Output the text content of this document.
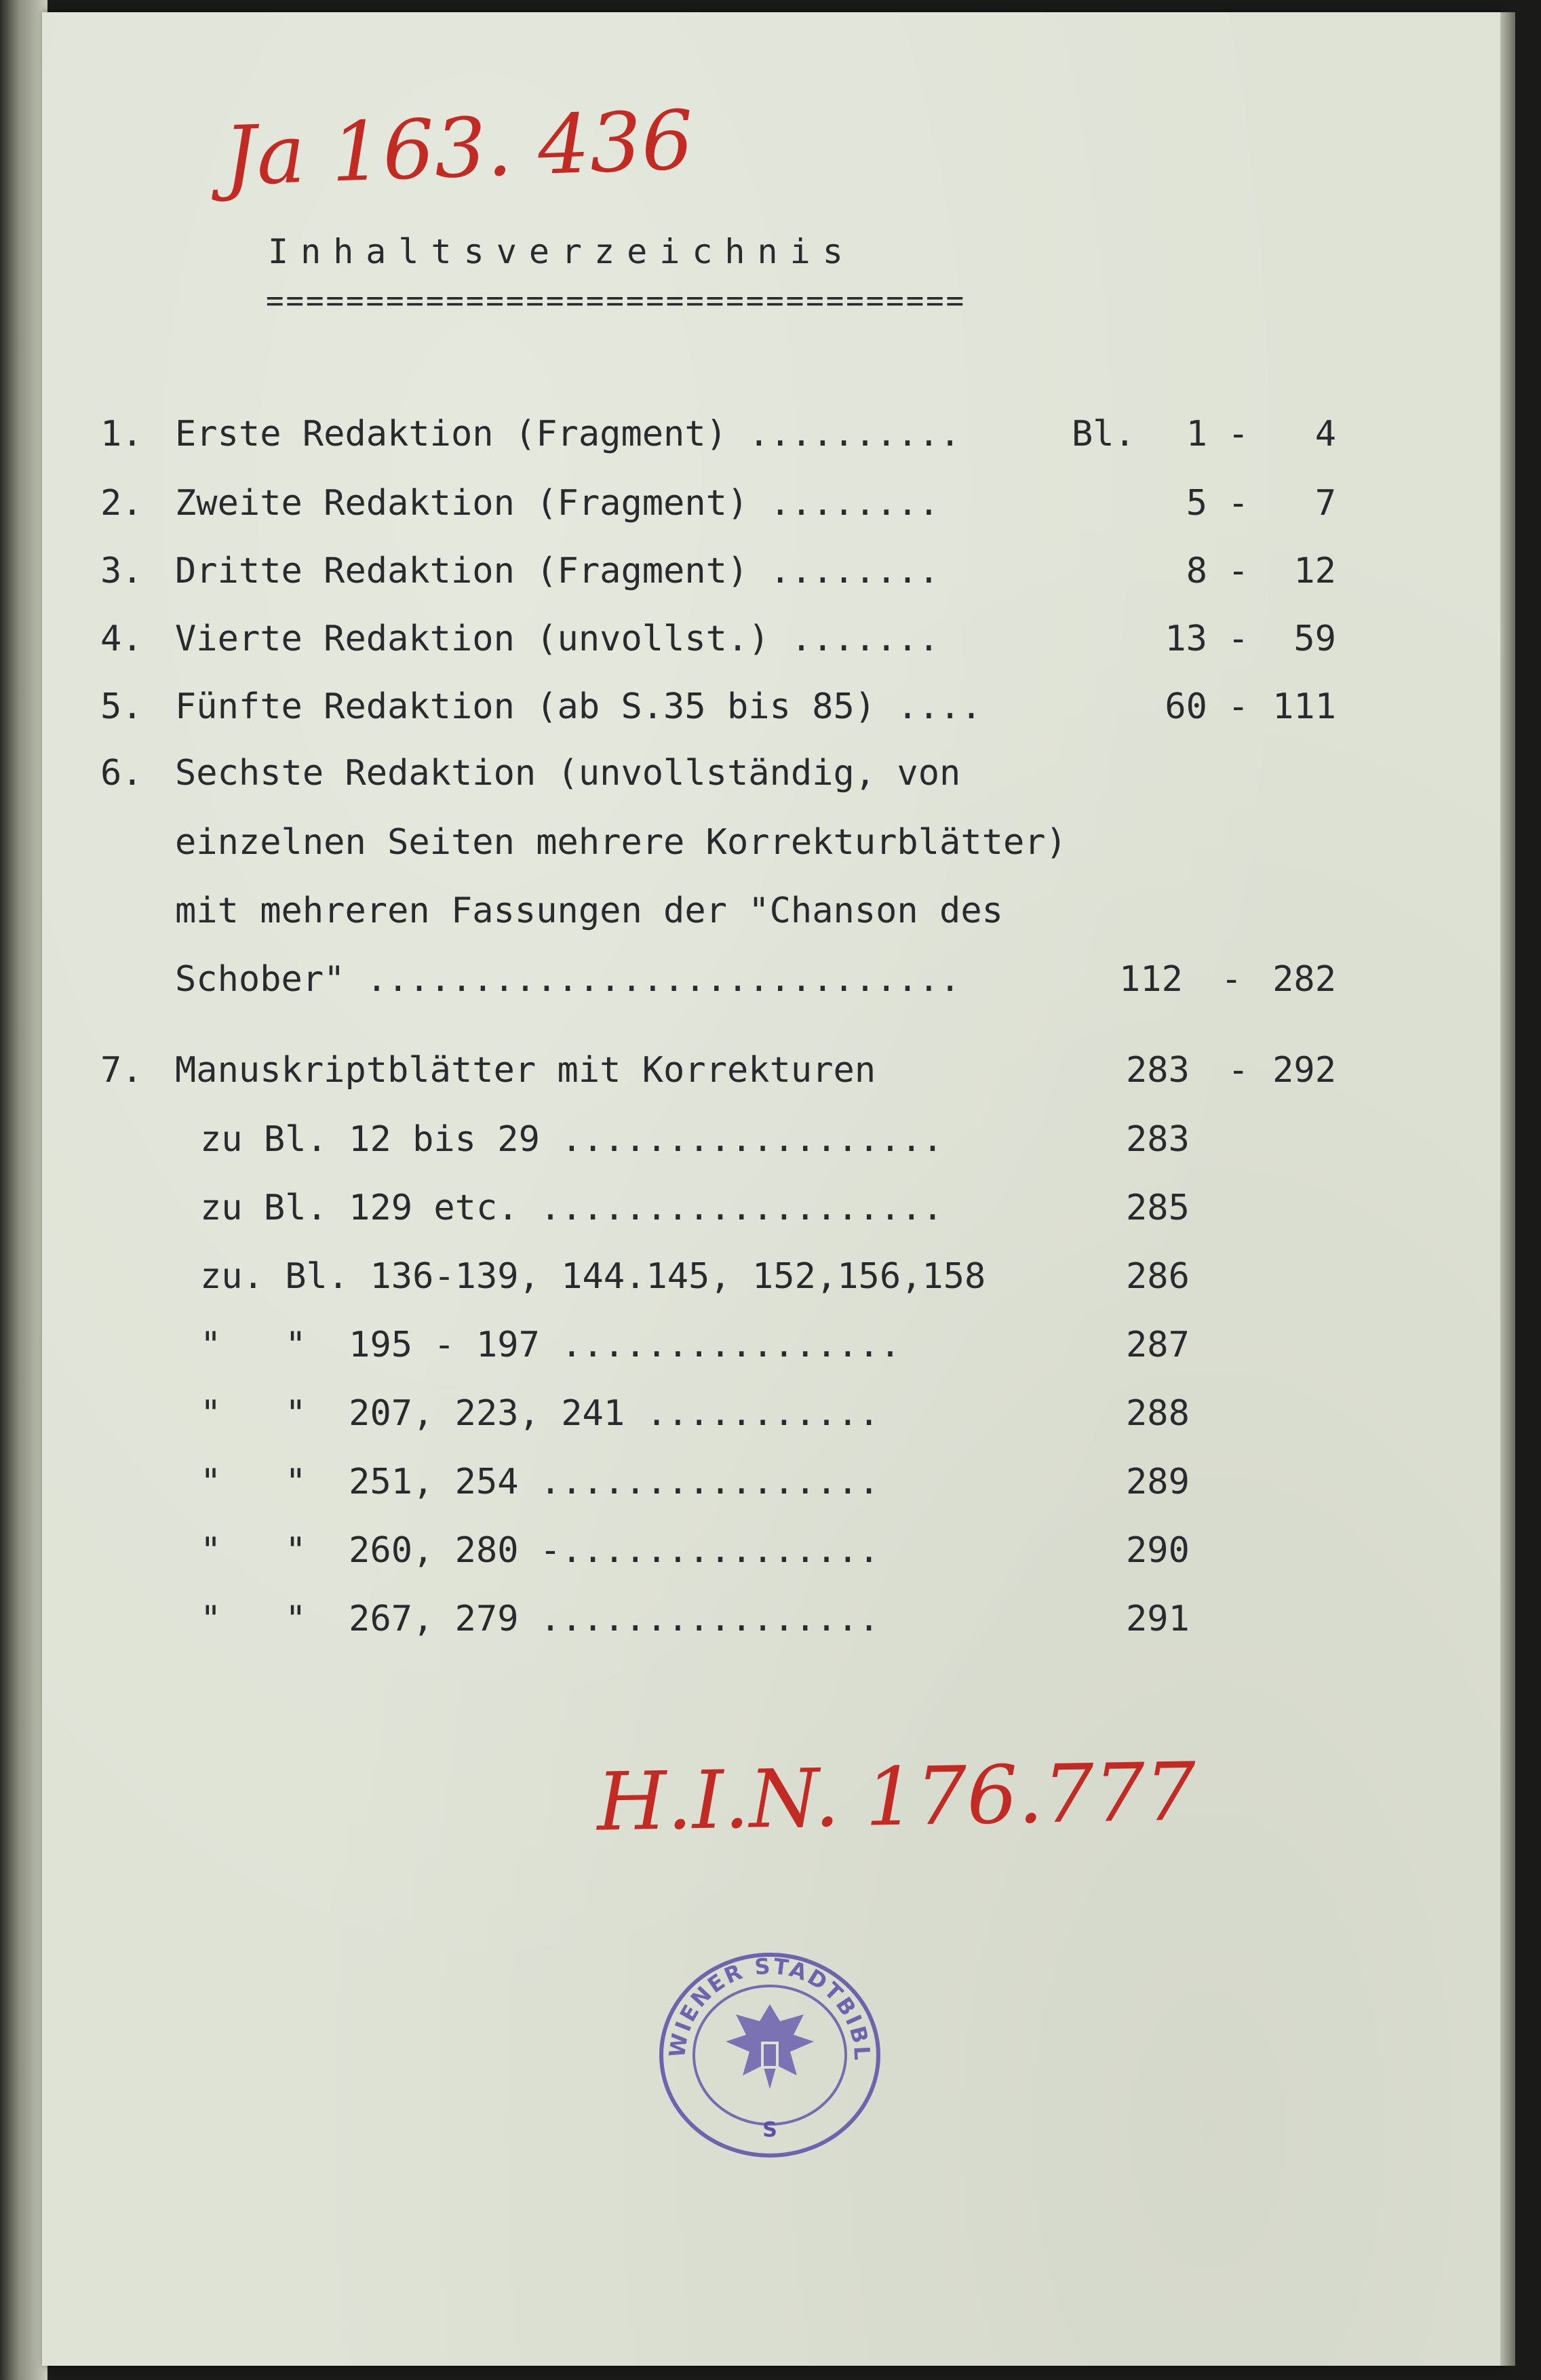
Ja 163. 436
Inhaltsverzeichnis
===================================
1. Erste Redaktion (Fragment) ..........	Bl.	1 -	4
2. Zweite Redaktion (Fragment) ........	5 -	7
3. Dritte Redaktion (Fragment) ........	8 -	12
4. Vierte Redaktion (unvollst.) .......	13 -	59
5. Fünfte Redaktion (ab S.35 bis 85) ....	60 - 111
6. Sechste Redaktion (unvollständig, von
einzelnen Seiten mehrere Korrekturblätter)
mit mehreren Fassungen der "Chanson des
Schober" ............................	112 - 282
7. Manuskriptblätter mit Korrekturen	283 - 292
zu Bl. 12 bis 29 ..................	283
zu Bl. 129 etc. ...................	285
zu. Bl. 136-139, 144.145, 152,156,158	286
"   "  195 - 197 ................	287
"   "  207, 223, 241 ...........	288
"   "  251, 254 ................	289
"   "  260, 280 -...............	290
"   "  267, 279 ................	291
H.I.N. 176.777
WIENER STADTBIBL
S
